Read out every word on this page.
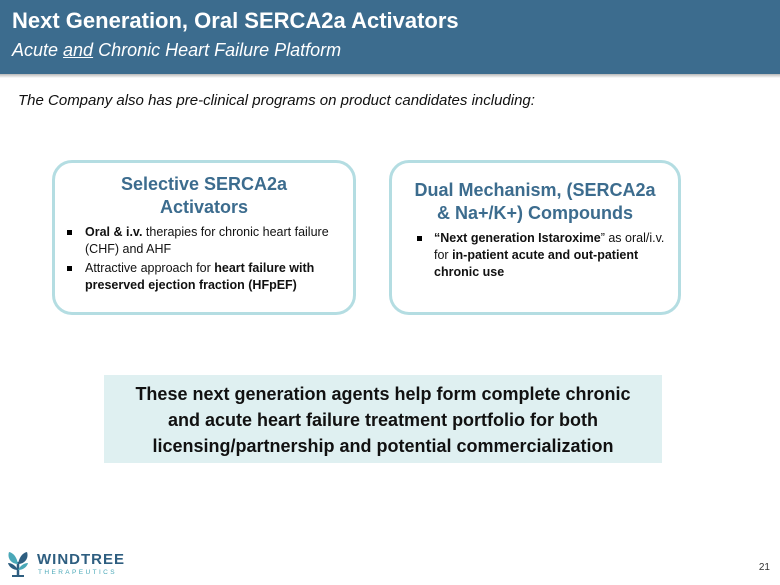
Next Generation, Oral SERCA2a Activators
Acute and Chronic Heart Failure Platform
The Company also has pre-clinical programs on product candidates including:
Selective SERCA2a
Activators
Oral & i.v. therapies for chronic heart failure (CHF) and AHF
Attractive approach for heart failure with preserved ejection fraction (HFpEF)
Dual Mechanism, (SERCA2a
& Na+/K+) Compounds
“Next generation Istaroxime” as oral/i.v. for in-patient acute and out-patient chronic use
These next generation agents help form complete chronic
and acute heart failure treatment portfolio for both
licensing/partnership and potential commercialization
WINDTREE
THERAPEUTICS	21
